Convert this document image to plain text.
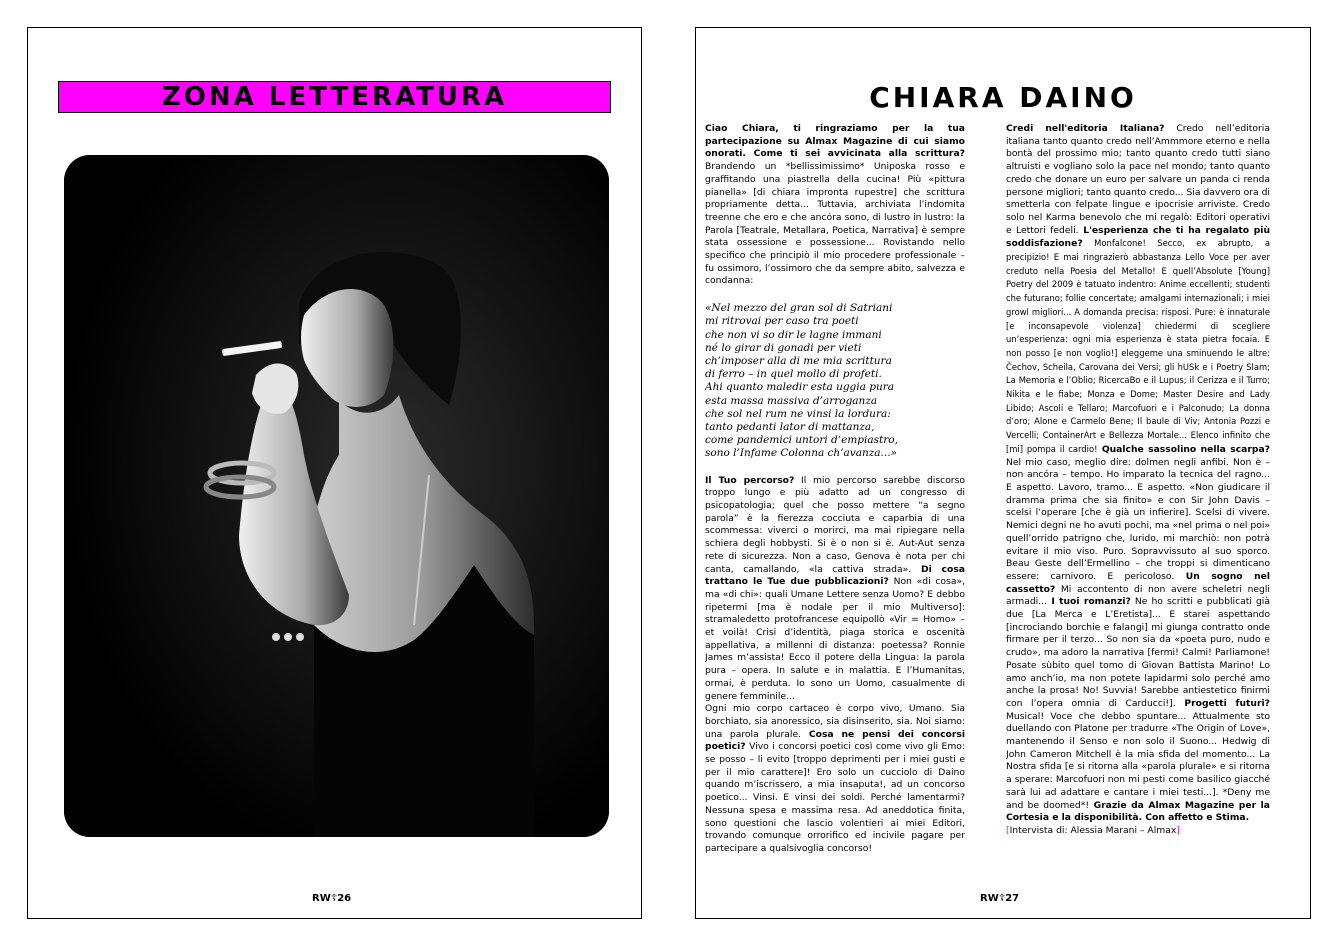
ZONA LETTERATURA
RW☦26
CHIARA DAINO

Ciao Chiara, ti ringraziamo per la tua partecipazione su Almax Magazine di cui siamo onorati. Come ti sei avvicinata alla scrittura? Brandendo un *bellissimissimo* Uniposka rosso e graffitando una piastrella della cucina! Più «pittura pianella» [di chiara impronta rupestre] che scrittura propriamente detta... Tuttavia, archiviata l’indomita treenne che ero e che ancóra sono, di lustro in lustro: la Parola [Teatrale, Metallara, Poetica, Narrativa] è sempre stata ossessione e possessione... Rovistando nello specifico che principiò il mio procedere professionale – fu ossimoro, l’ossimoro che da sempre abito, salvezza e condanna:

«Nel mezzo del gran sol di Satriani
mi ritrovai per caso tra poeti
che non vi so dir le lagne immani
né lo girar di gonadi per vieti
ch’imposer alla di me mia scrittura
di ferro – in quel mollo di profeti.
Ahi quanto maledir esta uggia pura
esta massa massiva d’arroganza
che sol nel rum ne vinsi la lordura:
tanto pedanti lator di mattanza,
come pandemici untori d’empiastro,
sono l’Infame Colonna ch’avanza...»

Il Tuo percorso? Il mio percorso sarebbe discorso troppo lungo e più adatto ad un congresso di psicopatologia; quel che posso mettere “a segno parola” è la fierezza cocciuta e caparbia di una scommessa: viverci o morirci, ma mai ripiegare nella schiera degli hobbysti. Si è o non si è. Aut-Aut senza rete di sicurezza. Non a caso, Genova è nota per chi canta, camallando, «la cattiva strada». Di cosa trattano le Tue due pubblicazioni? Non «di cosa», ma «di chi»: quali Umane Lettere senza Uomo? E debbo ripetermi [ma è nodale per il mio Multiverso]: stramaledetto protofrancese equipollò «Vir = Homo» – et voilà! Crisi d’identità, piaga storica e oscenità appellativa, a millenni di distanza: poetessa? Ronnie James m’assista! Ecco il potere della Lingua: la parola pura – opera. In salute e in malattia. E l’Humanitas, ormai, è perduta. Io sono un Uomo, casualmente di genere femminile...

Ogni mio corpo cartaceo è corpo vivo, Umano. Sia borchiato, sia anoressico, sia disinserito, sia. Noi siamo: una parola plurale. Cosa ne pensi dei concorsi poetici? Vivo i concorsi poetici così come vivo gli Emo: se posso – li evito [troppo deprimenti per i miei gusti e per il mio carattere]! Ero solo un cucciolo di Daino quando m’iscrissero, a mia insaputa!, ad un concorso poetico... Vinsi. E vinsi dei soldi. Perché lamentarmi? Nessuna spesa e massima resa. Ad aneddotica finita, sono questioni che lascio volentieri ai miei Editori, trovando comunque orrorifico ed incivile pagare per partecipare a qualsivoglia concorso!

Credi nell'editoria Italiana? Credo nell’editoria italiana tanto quanto credo nell’Ammmore eterno e nella bontà del prossimo mio; tanto quanto credo tutti siano altruisti e vogliano solo la pace nel mondo; tanto quanto credo che donare un euro per salvare un panda ci renda persone migliori; tanto quanto credo... Sia davvero ora di smetterla con felpate lingue e ipocrisie arriviste. Credo solo nel Karma benevolo che mi regalò: Editori operativi e Lettori fedeli. L'esperienza che ti ha regalato più soddisfazione? Monfalcone! Secco, ex abrupto, a precipizio! E mai ringrazierò abbastanza Lello Voce per aver creduto nella Poesia del Metallo! E quell’Absolute [Young] Poetry del 2009 è tatuato indentro: Anime eccellenti; studenti che futurano; follie concertate; amalgami internazionali; i miei growl migliori... A domanda precisa: risposi. Pure: è innaturale [e inconsapevole violenza] chiedermi di scegliere un’esperienza: ogni mia esperienza è stata pietra focaia. E non posso [e non voglio!] eleggeme una sminuendo le altre: Čechov, Scheila, Carovana dei Versi; gli hUSk e i Poetry Slam; La Memoria e l’Oblio; RicercaBo e il Lupus; il Cerizza e il Turro; Nikita e le fiabe; Monza e Dome; Master Desire and Lady Libido; Ascoli e Tellaro; Marcofuori e i Palconudo; La donna d’oro; Alone e Carmelo Bene; Il baule di Viv; Antonia Pozzi e Vercelli; ContainerArt e Bellezza Mortale... Elenco infinito che [mi] pompa il cardio! Qualche sassolino nella scarpa? Nel mio caso, meglio dire: dolmen negli anfibi. Non è – non ancóra – tempo. Ho imparato la tecnica del ragno... E aspetto. Lavoro, tramo... E aspetto. «Non giudicare il dramma prima che sia finito» e con Sir John Davis – scelsi l’operare [che è già un infierire]. Scelsi di vivere. Nemici degni ne ho avuti pochi, ma «nel prima o nel poi» quell’orrido patrigno che, lurido, mi marchiò: non potrà evitare il mio viso. Puro. Sopravvissuto al suo sporco. Beau Geste dell’Ermellino – che troppi si dimenticano essere: carnivoro. E pericoloso. Un sogno nel cassetto? Mi accontento di non avere scheletri negli armadi... I tuoi romanzi? Ne ho scritti e pubblicati già due [La Merca e L’Eretista]... E starei aspettando [incrociando borchie e falangi] mi giunga contratto onde firmare per il terzo... So non sia da «poeta puro, nudo e crudo», ma adoro la narrativa [fermi! Calmi! Parliamone! Posate sùbito quel tomo di Giovan Battista Marino! Lo amo anch’io, ma non potete lapidarmi solo perché amo anche la prosa! No! Suvvia! Sarebbe antiestetico finirmi con l’opera omnia di Carducci!]. Progetti futuri? Musical! Voce che debbo spuntare... Attualmente sto duellando con Platone per tradurre «The Origin of Love», mantenendo il Senso e non solo il Suono... Hedwig di John Cameron Mitchell è la mia sfida del momento... La Nostra sfida [e si ritorna alla «parola plurale» e si ritorna a sperare: Marcofuori non mi pesti come basilico giacché sarà lui ad adattare e cantare i miei testi...]. *Deny me and be doomed*! Grazie da Almax Magazine per la Cortesia e la disponibilità. Con affetto e Stima.

[Intervista di: Alessia Marani – Almax]

RW☦27
